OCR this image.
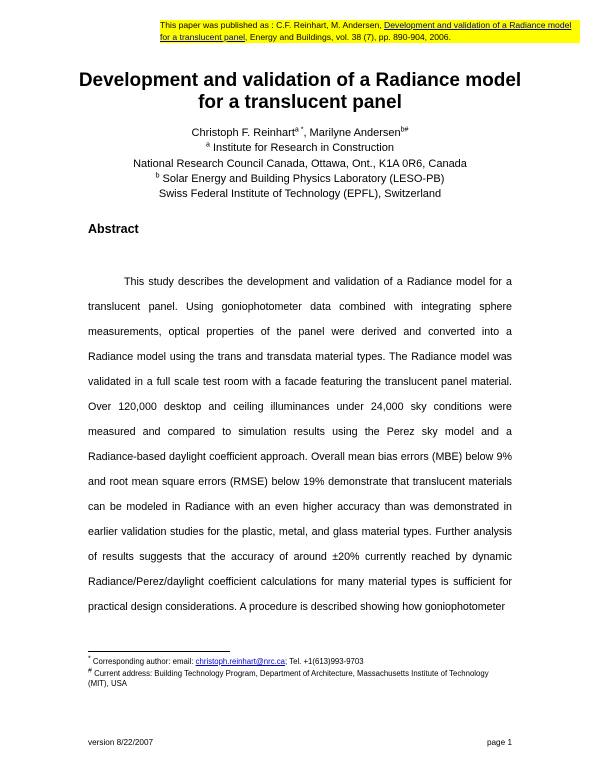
This paper was published as : C.F. Reinhart, M. Andersen, Development and validation of a Radiance model for a translucent panel, Energy and Buildings, vol. 38 (7), pp. 890-904, 2006.
Development and validation of a Radiance model
for a translucent panel
Christoph F. Reinhart$^{a *}$, Marilyne Andersen$^{b\#}$
$^a$ Institute for Research in Construction
National Research Council Canada, Ottawa, Ont., K1A 0R6, Canada
$^b$ Solar Energy and Building Physics Laboratory (LESO-PB)
Swiss Federal Institute of Technology (EPFL), Switzerland
Abstract
This study describes the development and validation of a Radiance model for a
translucent panel. Using goniophotometer data combined with integrating sphere
measurements, optical properties of the panel were derived and converted into a
Radiance model using the trans and transdata material types. The Radiance model was
validated in a full scale test room with a facade featuring the translucent panel material.
Over 120,000 desktop and ceiling illuminances under 24,000 sky conditions were
measured and compared to simulation results using the Perez sky model and a
Radiance-based daylight coefficient approach. Overall mean bias errors (MBE) below 9%
and root mean square errors (RMSE) below 19% demonstrate that translucent materials
can be modeled in Radiance with an even higher accuracy than was demonstrated in
earlier validation studies for the plastic, metal, and glass material types. Further analysis
of results suggests that the accuracy of around ±20% currently reached by dynamic
Radiance/Perez/daylight coefficient calculations for many material types is sufficient for
practical design considerations. A procedure is described showing how goniophotometer
* Corresponding author: email: christoph.reinhart@nrc.ca; Tel. +1(613)993-9703
# Current address: Building Technology Program, Department of Architecture, Massachusetts Institute of Technology (MIT), USA
version 8/22/2007	page 1
